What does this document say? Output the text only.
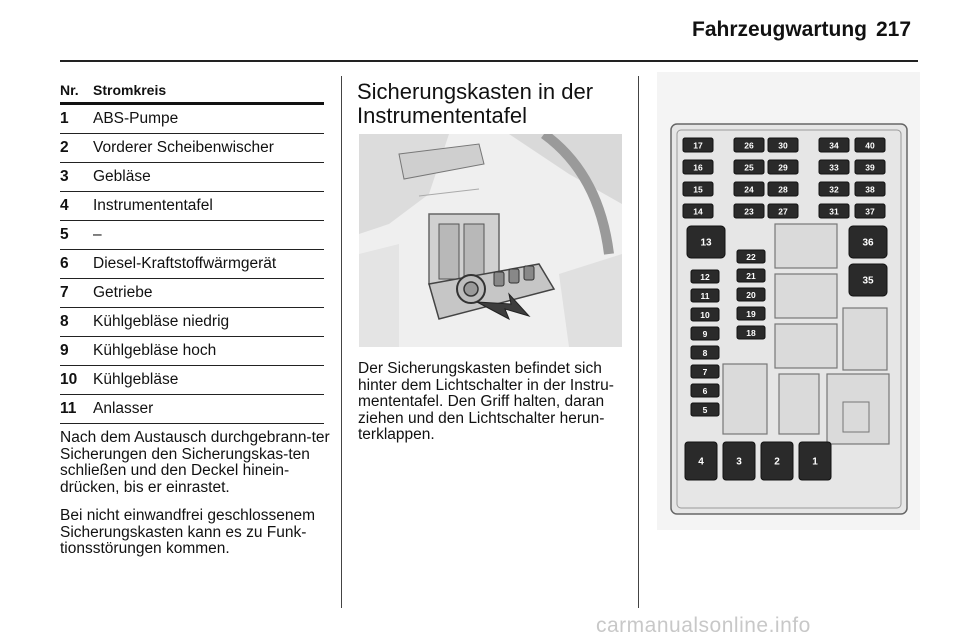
Fahrzeugwartung 217
Nr.	Stromkreis
1	ABS-Pumpe
2	Vorderer Scheibenwischer
3	Gebläse
4	Instrumententafel
5	–
6	Diesel-Kraftstoffwärmgerät
7	Getriebe
8	Kühlgebläse niedrig
9	Kühlgebläse hoch
10	Kühlgebläse
11	Anlasser
Nach dem Austausch durchgebrann-ter Sicherungen den Sicherungskas-ten schließen und den Deckel hinein-drücken, bis er einrastet.
Bei nicht einwandfrei geschlossenem Sicherungskasten kann es zu Funk-tionsstörungen kommen.
Sicherungskasten in der Instrumententafel
Der Sicherungskasten befindet sich hinter dem Lichtschalter in der Instru-mententafel. Den Griff halten, daran ziehen und den Lichtschalter herun-terklappen.
17
16
15
14
26
25
24
23
30
29
28
27
34
33
32
31
40
39
38
37
13	36
35
12
11
10
9
8
7
6
5
22
21
20
19
18
4	3	2	1
carmanualsonline.info
